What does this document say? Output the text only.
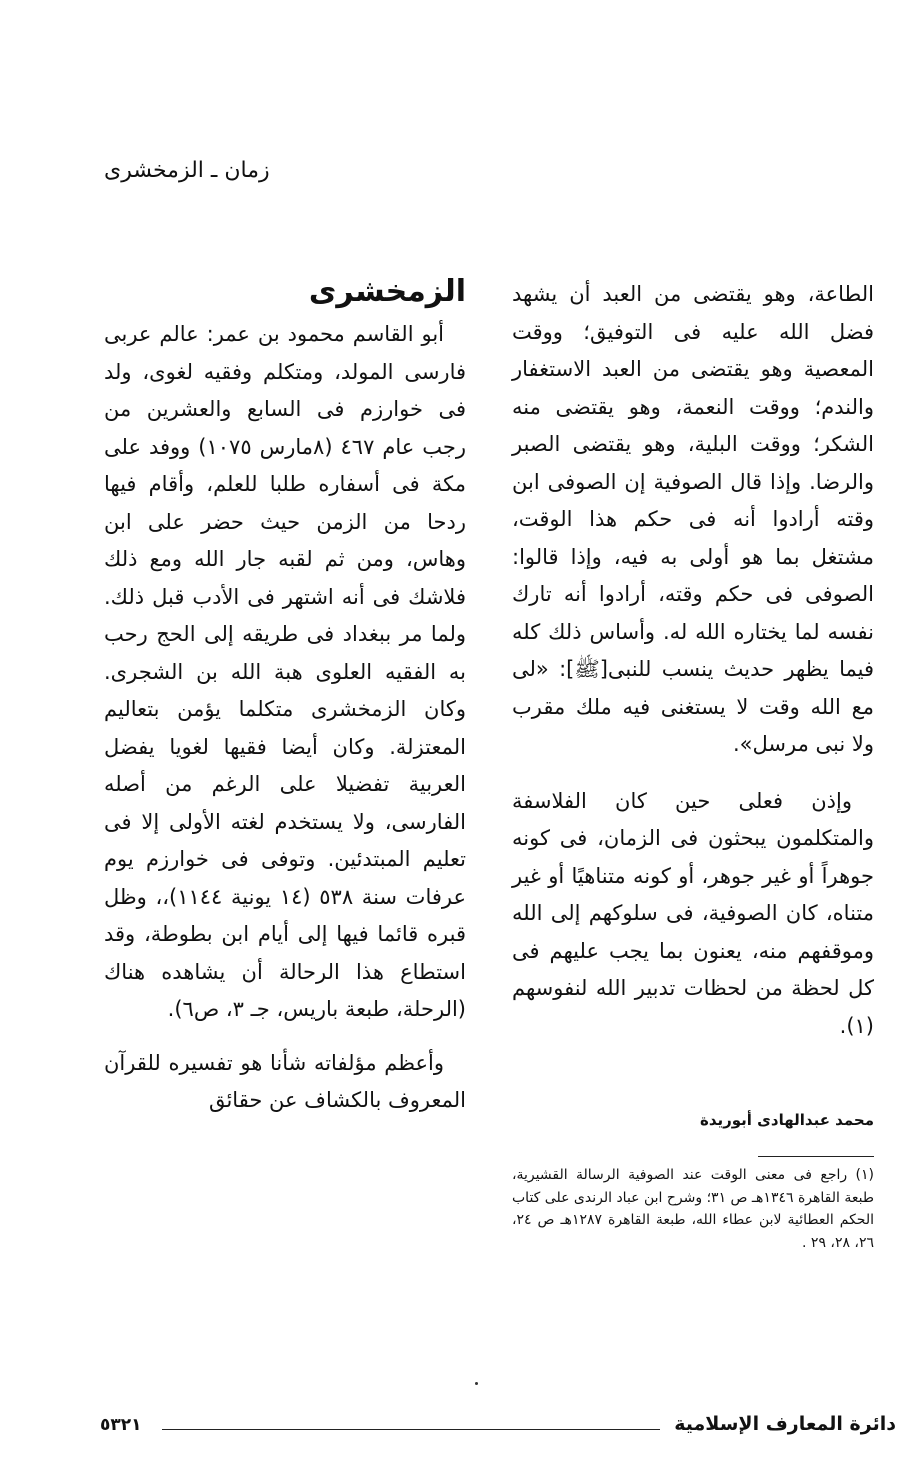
زمان ـ الزمخشرى

الطاعة، وهو يقتضى من العبد أن يشهد فضل الله عليه فى التوفيق؛ ووقت المعصية وهو يقتضى من العبد الاستغفار والندم؛ ووقت النعمة، وهو يقتضى منه الشكر؛ ووقت البلية، وهو يقتضى الصبر والرضا. وإذا قال الصوفية إن الصوفى ابن وقته أرادوا أنه فى حكم هذا الوقت، مشتغل بما هو أولى به فيه، وإذا قالوا: الصوفى فى حكم وقته، أرادوا أنه تارك نفسه لما يختاره الله له. وأساس ذلك كله فيما يظهر حديث ينسب للنبى[ﷺ]: «لى مع الله وقت لا يستغنى فيه ملك مقرب ولا نبى مرسل».

وإذن فعلى حين كان الفلاسفة والمتكلمون يبحثون فى الزمان، فى كونه جوهراً أو غير جوهر، أو كونه متناهيًا أو غير متناه، كان الصوفية، فى سلوكهم إلى الله وموقفهم منه، يعنون بما يجب عليهم فى كل لحظة من لحظات تدبير الله لنفوسهم (١).

محمد عبدالهادى أبوريدة
(١) راجع فى معنى الوقت عند الصوفية الرسالة القشيرية، طبعة القاهرة ١٣٤٦هـ ص ٣١؛ وشرح ابن عباد الرندى على كتاب الحكم العطائية لابن عطاء الله، طبعة القاهرة ١٢٨٧هـ ص ٢٤، ٢٦، ٢٨، ٢٩ .
الزمخشرى

أبو القاسم محمود بن عمر: عالم عربى فارسى المولد، ومتكلم وفقيه لغوى، ولد فى خوارزم فى السابع والعشرين من رجب عام ٤٦٧ (٨مارس ١٠٧٥) ووفد على مكة فى أسفاره طلبا للعلم، وأقام فيها ردحا من الزمن حيث حضر على ابن وهاس، ومن ثم لقبه جار الله ومع ذلك فلاشك فى أنه اشتهر فى الأدب قبل ذلك. ولما مر ببغداد فى طريقه إلى الحج رحب به الفقيه العلوى هبة الله بن الشجرى. وكان الزمخشرى متكلما يؤمن بتعاليم المعتزلة. وكان أيضا فقيها لغويا يفضل العربية تفضيلا على الرغم من أصله الفارسى، ولا يستخدم لغته الأولى إلا فى تعليم المبتدئين. وتوفى فى خوارزم يوم عرفات سنة ٥٣٨ (١٤ يونية ١١٤٤)،، وظل قبره قائما فيها إلى أيام ابن بطوطة، وقد استطاع هذا الرحالة أن يشاهده هناك (الرحلة، طبعة باريس، جـ ٣، ص٦).

وأعظم مؤلفاته شأنا هو تفسيره للقرآن المعروف بالكشاف عن حقائق

دائرة المعارف الإسلامية
٥٣٢١
